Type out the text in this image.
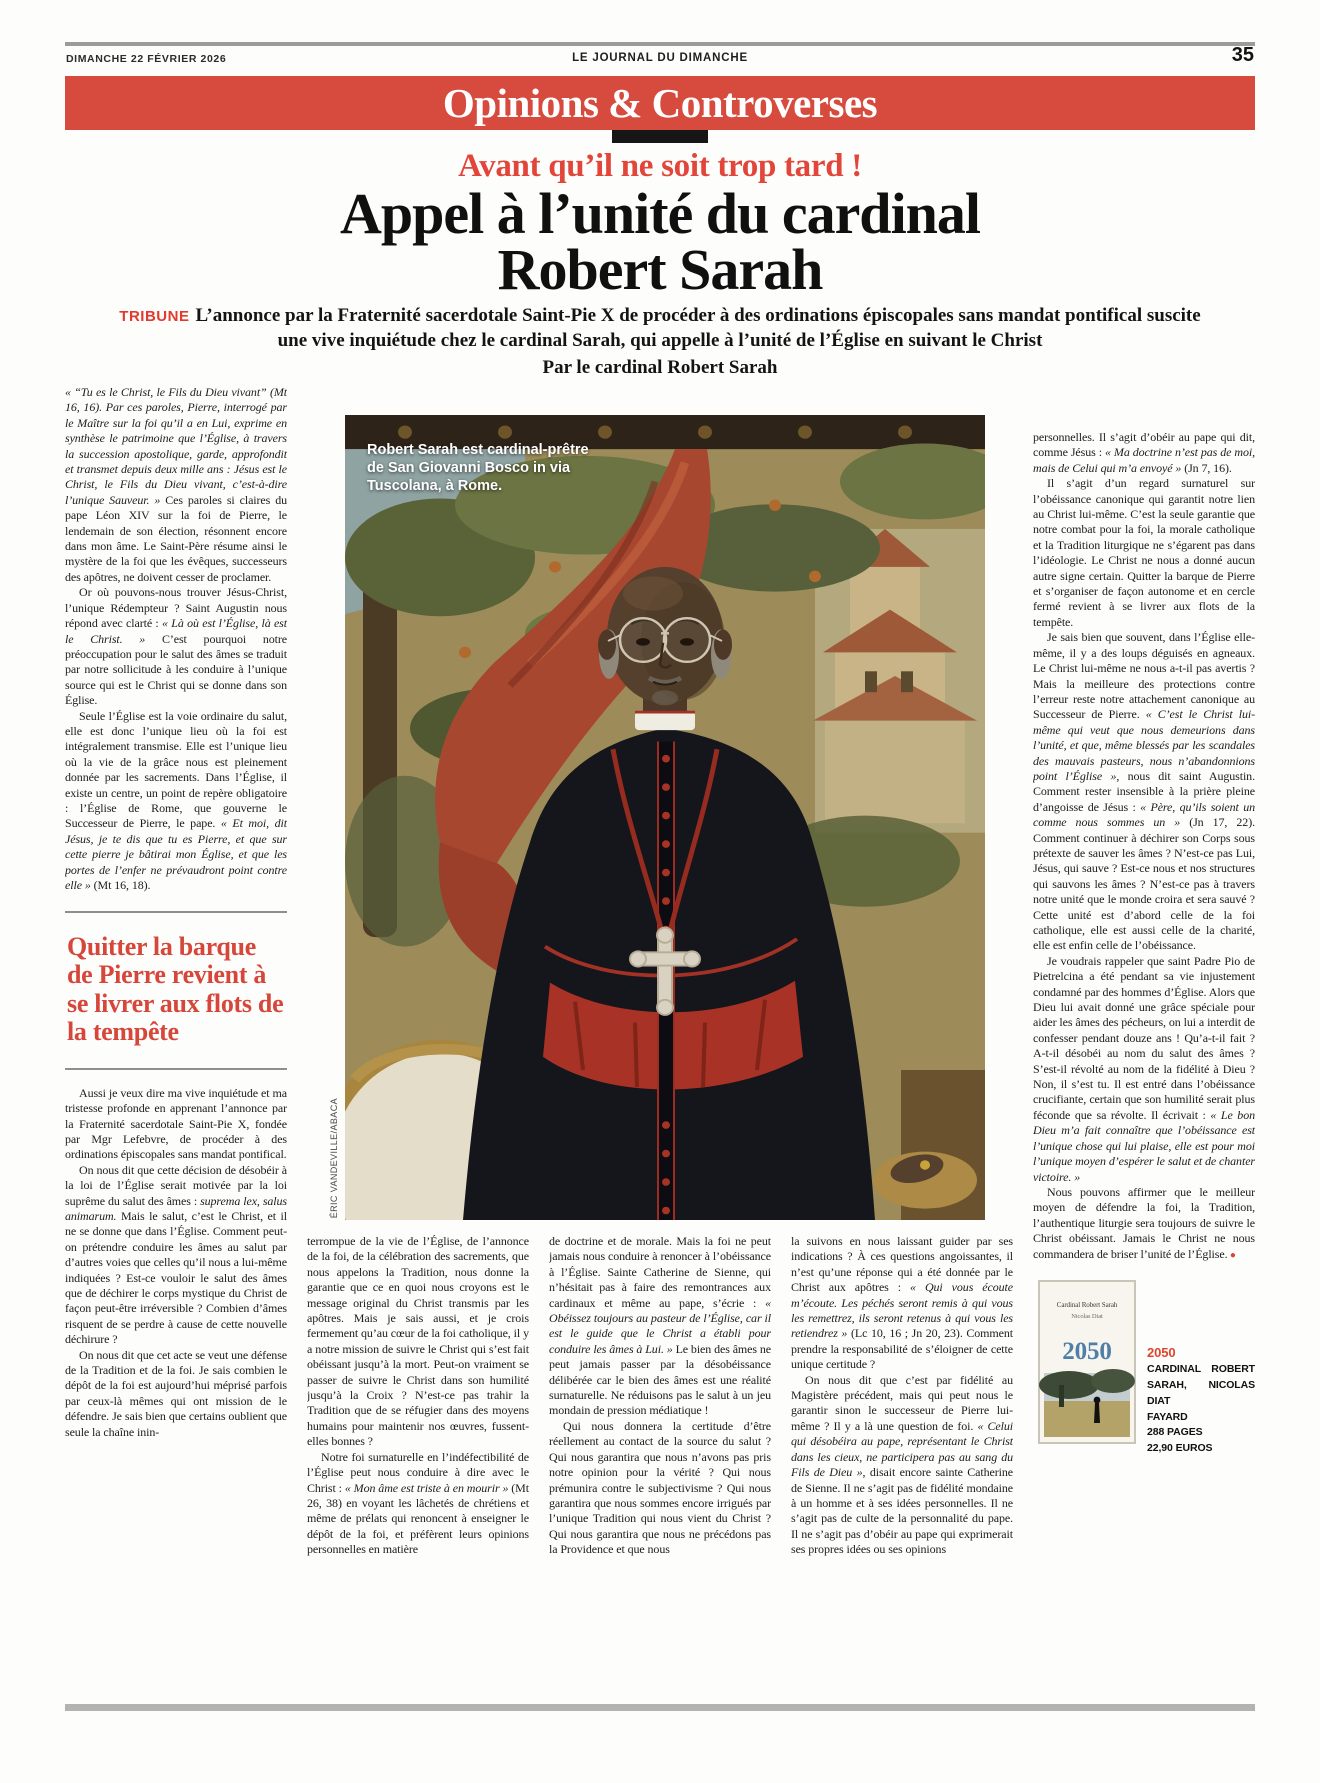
DIMANCHE 22 FÉVRIER 2026	LE JOURNAL DU DIMANCHE	35
Opinions & Controverses
Avant qu’il ne soit trop tard !
Appel à l’unité du cardinal
Robert Sarah
TRIBUNE L’annonce par la Fraternité sacerdotale Saint-Pie X de procéder à des ordinations épiscopales sans mandat pontifical suscite une vive inquiétude chez le cardinal Sarah, qui appelle à l’unité de l’Église en suivant le Christ
Par le cardinal Robert Sarah

« “Tu es le Christ, le Fils du Dieu vivant” (Mt 16, 16). Par ces paroles, Pierre, interrogé par le Maître sur la foi qu’il a en Lui, exprime en synthèse le patrimoine que l’Église, à travers la succession apostolique, garde, approfondit et transmet depuis deux mille ans : Jésus est le Christ, le Fils du Dieu vivant, c’est-à-dire l’unique Sauveur. » Ces paroles si claires du pape Léon XIV sur la foi de Pierre, le lendemain de son élection, résonnent encore dans mon âme. Le Saint-Père résume ainsi le mystère de la foi que les évêques, successeurs des apôtres, ne doivent cesser de proclamer.

Or où pouvons-nous trouver Jésus-Christ, l’unique Rédempteur ? Saint Augustin nous répond avec clarté : « Là où est l’Église, là est le Christ. » C’est pourquoi notre préoccupation pour le salut des âmes se traduit par notre sollicitude à les conduire à l’unique source qui est le Christ qui se donne dans son Église.

Seule l’Église est la voie ordinaire du salut, elle est donc l’unique lieu où la foi est intégralement transmise. Elle est l’unique lieu où la vie de la grâce nous est pleinement donnée par les sacrements. Dans l’Église, il existe un centre, un point de repère obligatoire : l’Église de Rome, que gouverne le Successeur de Pierre, le pape. « Et moi, dit Jésus, je te dis que tu es Pierre, et que sur cette pierre je bâtirai mon Église, et que les portes de l’enfer ne prévaudront point contre elle » (Mt 16, 18).

Quitter la barque de Pierre revient à se livrer aux flots de la tempête

Aussi je veux dire ma vive inquiétude et ma tristesse profonde en apprenant l’annonce par la Fraternité sacerdotale Saint-Pie X, fondée par Mgr Lefebvre, de procéder à des ordinations épiscopales sans mandat pontifical.

On nous dit que cette décision de désobéir à la loi de l’Église serait motivée par la loi suprême du salut des âmes : suprema lex, salus animarum. Mais le salut, c’est le Christ, et il ne se donne que dans l’Église. Comment peut-on prétendre conduire les âmes au salut par d’autres voies que celles qu’il nous a lui-même indiquées ? Est-ce vouloir le salut des âmes que de déchirer le corps mystique du Christ de façon peut-être irréversible ? Combien d’âmes risquent de se perdre à cause de cette nouvelle déchirure ?

On nous dit que cet acte se veut une défense de la Tradition et de la foi. Je sais combien le dépôt de la foi est aujourd’hui méprisé parfois par ceux-là mêmes qui ont mission de le défendre. Je sais bien que certains oublient que seule la chaîne inin-

Robert Sarah est cardinal-prêtre de San Giovanni Bosco in via Tuscolana, à Rome.
ÉRIC VANDEVILLE/ABACA

terrompue de la vie de l’Église, de l’annonce de la foi, de la célébration des sacrements, que nous appelons la Tradition, nous donne la garantie que ce en quoi nous croyons est le message original du Christ transmis par les apôtres. Mais je sais aussi, et je crois fermement qu’au cœur de la foi catholique, il y a notre mission de suivre le Christ qui s’est fait obéissant jusqu’à la mort. Peut-on vraiment se passer de suivre le Christ dans son humilité jusqu’à la Croix ? N’est-ce pas trahir la Tradition que de se réfugier dans des moyens humains pour maintenir nos œuvres, fussent-elles bonnes ?

Notre foi surnaturelle en l’indéfectibilité de l’Église peut nous conduire à dire avec le Christ : « Mon âme est triste à en mourir » (Mt 26, 38) en voyant les lâchetés de chrétiens et même de prélats qui renoncent à enseigner le dépôt de la foi, et préfèrent leurs opinions personnelles en matière

de doctrine et de morale. Mais la foi ne peut jamais nous conduire à renoncer à l’obéissance à l’Église. Sainte Catherine de Sienne, qui n’hésitait pas à faire des remontrances aux cardinaux et même au pape, s’écrie : « Obéissez toujours au pasteur de l’Église, car il est le guide que le Christ a établi pour conduire les âmes à Lui. » Le bien des âmes ne peut jamais passer par la désobéissance délibérée car le bien des âmes est une réalité surnaturelle. Ne réduisons pas le salut à un jeu mondain de pression médiatique !

Qui nous donnera la certitude d’être réellement au contact de la source du salut ? Qui nous garantira que nous n’avons pas pris notre opinion pour la vérité ? Qui nous prémunira contre le subjectivisme ? Qui nous garantira que nous sommes encore irrigués par l’unique Tradition qui nous vient du Christ ? Qui nous garantira que nous ne précédons pas la Providence et que nous

la suivons en nous laissant guider par ses indications ? À ces questions angoissantes, il n’est qu’une réponse qui a été donnée par le Christ aux apôtres : « Qui vous écoute m’écoute. Les péchés seront remis à qui vous les remettrez, ils seront retenus à qui vous les retiendrez » (Lc 10, 16 ; Jn 20, 23). Comment prendre la responsabilité de s’éloigner de cette unique certitude ?

On nous dit que c’est par fidélité au Magistère précédent, mais qui peut nous le garantir sinon le successeur de Pierre lui-même ? Il y a là une question de foi. « Celui qui désobéira au pape, représentant le Christ dans les cieux, ne participera pas au sang du Fils de Dieu », disait encore sainte Catherine de Sienne. Il ne s’agit pas de fidélité mondaine à un homme et à ses idées personnelles. Il ne s’agit pas de culte de la personnalité du pape. Il ne s’agit pas d’obéir au pape qui exprimerait ses propres idées ou ses opinions

personnelles. Il s’agit d’obéir au pape qui dit, comme Jésus : « Ma doctrine n’est pas de moi, mais de Celui qui m’a envoyé » (Jn 7, 16).

Il s’agit d’un regard surnaturel sur l’obéissance canonique qui garantit notre lien au Christ lui-même. C’est la seule garantie que notre combat pour la foi, la morale catholique et la Tradition liturgique ne s’égarent pas dans l’idéologie. Le Christ ne nous a donné aucun autre signe certain. Quitter la barque de Pierre et s’organiser de façon autonome et en cercle fermé revient à se livrer aux flots de la tempête.

Je sais bien que souvent, dans l’Église elle-même, il y a des loups déguisés en agneaux. Le Christ lui-même ne nous a-t-il pas avertis ? Mais la meilleure des protections contre l’erreur reste notre attachement canonique au Successeur de Pierre. « C’est le Christ lui-même qui veut que nous demeurions dans l’unité, et que, même blessés par les scandales des mauvais pasteurs, nous n’abandonnions point l’Église », nous dit saint Augustin. Comment rester insensible à la prière pleine d’angoisse de Jésus : « Père, qu’ils soient un comme nous sommes un » (Jn 17, 22). Comment continuer à déchirer son Corps sous prétexte de sauver les âmes ? N’est-ce pas Lui, Jésus, qui sauve ? Est-ce nous et nos structures qui sauvons les âmes ? N’est-ce pas à travers notre unité que le monde croira et sera sauvé ? Cette unité est d’abord celle de la foi catholique, elle est aussi celle de la charité, elle est enfin celle de l’obéissance.

Je voudrais rappeler que saint Padre Pio de Pietrelcina a été pendant sa vie injustement condamné par des hommes d’Église. Alors que Dieu lui avait donné une grâce spéciale pour aider les âmes des pécheurs, on lui a interdit de confesser pendant douze ans ! Qu’a-t-il fait ? A-t-il désobéi au nom du salut des âmes ? S’est-il révolté au nom de la fidélité à Dieu ? Non, il s’est tu. Il est entré dans l’obéissance crucifiante, certain que son humilité serait plus féconde que sa révolte. Il écrivait : « Le bon Dieu m’a fait connaître que l’obéissance est l’unique chose qui lui plaise, elle est pour moi l’unique moyen d’espérer le salut et de chanter victoire. »

Nous pouvons affirmer que le meilleur moyen de défendre la foi, la Tradition, l’authentique liturgie sera toujours de suivre le Christ obéissant. Jamais le Christ ne nous commandera de briser l’unité de l’Église. ●

Cardinal Robert Sarah
Nicolas Diat
2050	2050
CARDINAL ROBERT SARAH, NICOLAS DIAT
FAYARD
288 PAGES
22,90 EUROS
